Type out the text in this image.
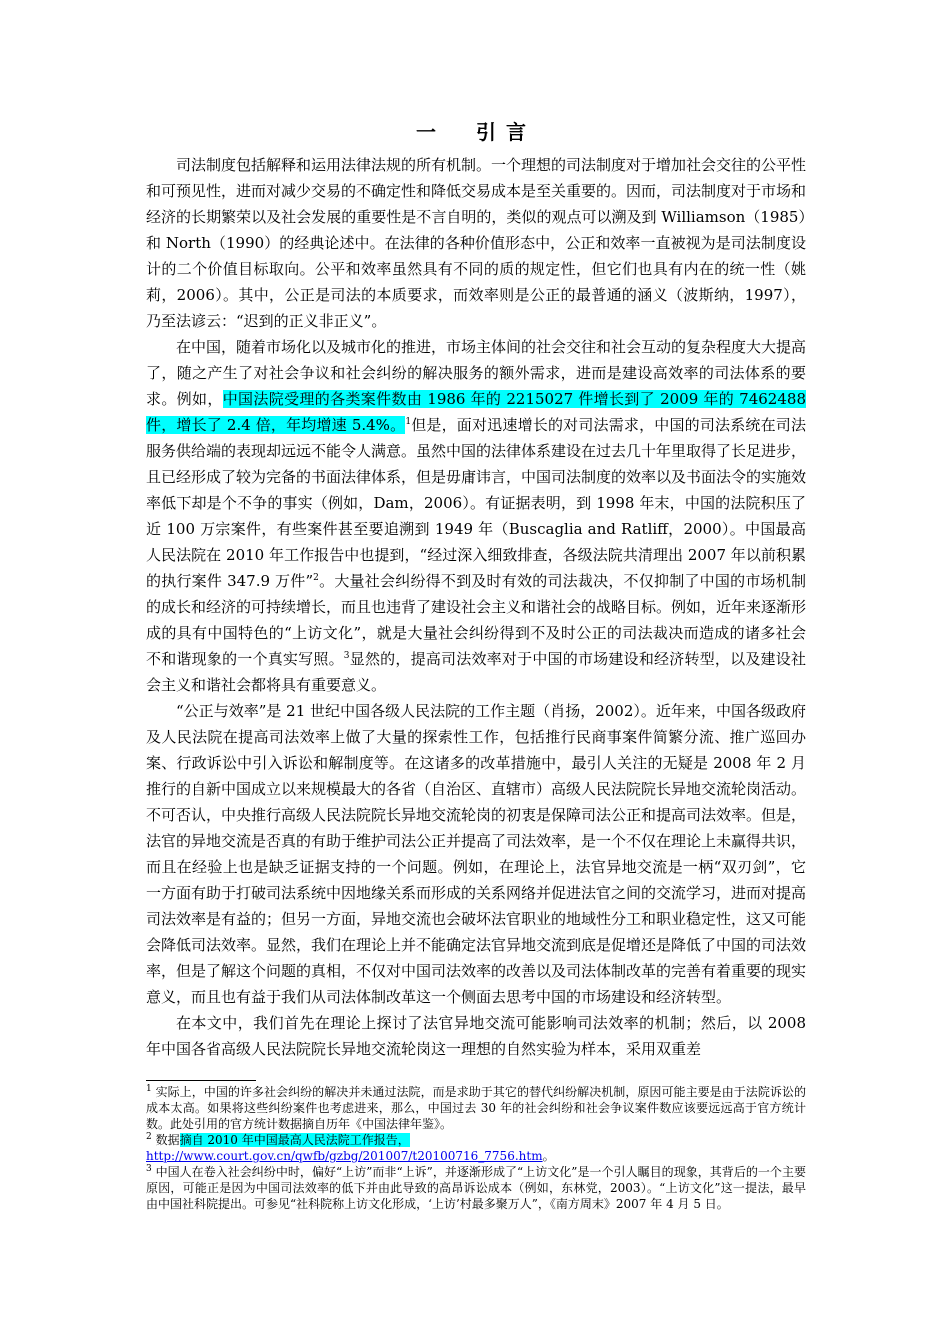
一　引言

司法制度包括解释和运用法律法规的所有机制。一个理想的司法制度对于增加社会交往的公平性和可预见性，进而对减少交易的不确定性和降低交易成本是至关重要的。因而，司法制度对于市场和经济的长期繁荣以及社会发展的重要性是不言自明的，类似的观点可以溯及到 Williamson（1985）和 North（1990）的经典论述中。在法律的各种价值形态中，公正和效率一直被视为是司法制度设计的二个价值目标取向。公平和效率虽然具有不同的质的规定性，但它们也具有内在的统一性（姚莉，2006）。其中，公正是司法的本质要求，而效率则是公正的最普通的涵义（波斯纳，1997），乃至法谚云：“迟到的正义非正义”。

在中国，随着市场化以及城市化的推进，市场主体间的社会交往和社会互动的复杂程度大大提高了，随之产生了对社会争议和社会纠纷的解决服务的额外需求，进而是建设高效率的司法体系的要求。例如，中国法院受理的各类案件数由 1986 年的 2215027 件增长到了 2009 年的 7462488 件，增长了 2.4 倍，年均增速 5.4%。$^1$但是，面对迅速增长的对司法需求，中国的司法系统在司法服务供给端的表现却远远不能令人满意。虽然中国的法律体系建设在过去几十年里取得了长足进步，且已经形成了较为完备的书面法律体系，但是毋庸讳言，中国司法制度的效率以及书面法令的实施效率低下却是个不争的事实（例如，Dam，2006）。有证据表明，到 1998 年末，中国的法院积压了近 100 万宗案件，有些案件甚至要追溯到 1949 年（Buscaglia and Ratliff，2000）。中国最高人民法院在 2010 年工作报告中也提到，“经过深入细致排查，各级法院共清理出 2007 年以前积累的执行案件 347.9 万件”$^2$。大量社会纠纷得不到及时有效的司法裁决，不仅抑制了中国的市场机制的成长和经济的可持续增长，而且也违背了建设社会主义和谐社会的战略目标。例如，近年来逐渐形成的具有中国特色的“上访文化”，就是大量社会纠纷得到不及时公正的司法裁决而造成的诸多社会不和谐现象的一个真实写照。$^3$显然的，提高司法效率对于中国的市场建设和经济转型，以及建设社会主义和谐社会都将具有重要意义。

“公正与效率”是 21 世纪中国各级人民法院的工作主题（肖扬，2002）。近年来，中国各级政府及人民法院在提高司法效率上做了大量的探索性工作，包括推行民商事案件简繁分流、推广巡回办案、行政诉讼中引入诉讼和解制度等。在这诸多的改革措施中，最引人关注的无疑是 2008 年 2 月推行的自新中国成立以来规模最大的各省（自治区、直辖市）高级人民法院院长异地交流轮岗活动。不可否认，中央推行高级人民法院院长异地交流轮岗的初衷是保障司法公正和提高司法效率。但是，法官的异地交流是否真的有助于维护司法公正并提高了司法效率，是一个不仅在理论上未赢得共识，而且在经验上也是缺乏证据支持的一个问题。例如，在理论上，法官异地交流是一柄“双刃剑”，它一方面有助于打破司法系统中因地缘关系而形成的关系网络并促进法官之间的交流学习，进而对提高司法效率是有益的；但另一方面，异地交流也会破坏法官职业的地域性分工和职业稳定性，这又可能会降低司法效率。显然，我们在理论上并不能确定法官异地交流到底是促增还是降低了中国的司法效率，但是了解这个问题的真相，不仅对中国司法效率的改善以及司法体制改革的完善有着重要的现实意义，而且也有益于我们从司法体制改革这一个侧面去思考中国的市场建设和经济转型。

在本文中，我们首先在理论上探讨了法官异地交流可能影响司法效率的机制；然后，以 2008 年中国各省高级人民法院院长异地交流轮岗这一理想的自然实验为样本，采用双重差

$^1$ 实际上，中国的许多社会纠纷的解决并未通过法院，而是求助于其它的替代纠纷解决机制，原因可能主要是由于法院诉讼的成本太高。如果将这些纠纷案件也考虑进来，那么，中国过去 30 年的社会纠纷和社会争议案件数应该要远远高于官方统计数。此处引用的官方统计数据摘自历年《中国法律年鉴》。

$^2$ 数据摘自 2010 年中国最高人民法院工作报告，
http://www.court.gov.cn/qwfb/gzbg/201007/t20100716_7756.htm。

$^3$ 中国人在卷入社会纠纷中时，偏好“上访”而非“上诉”，并逐渐形成了“上访文化”是一个引人瞩目的现象，其背后的一个主要原因，可能正是因为中国司法效率的低下并由此导致的高昂诉讼成本（例如，东林党，2003）。“上访文化”这一提法，最早由中国社科院提出。可参见“社科院称上访文化形成，‘上访’村最多聚万人”，《南方周末》2007 年 4 月 5 日。
